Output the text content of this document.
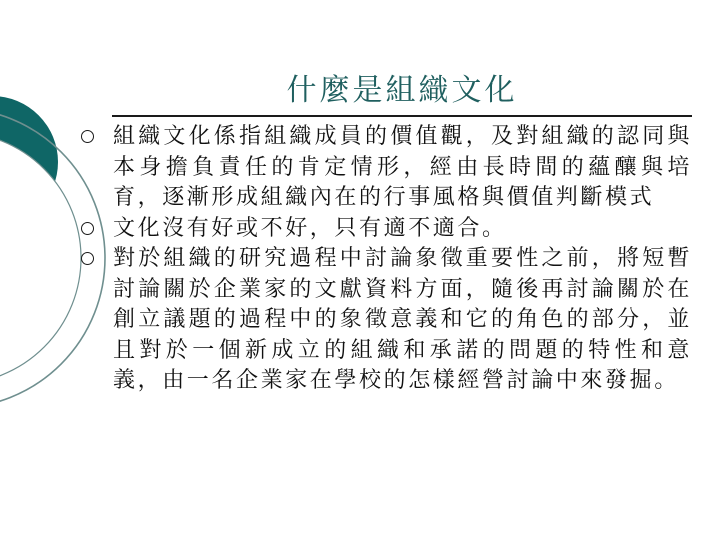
什麼是組織文化
組織文化係指組織成員的價值觀，及對組織的認同與本身擔負責任的肯定情形，經由長時間的蘊釀與培育，逐漸形成組織內在的行事風格與價值判斷模式
文化沒有好或不好，只有適不適合。
對於組織的研究過程中討論象徵重要性之前，將短暫討論關於企業家的文獻資料方面，隨後再討論關於在創立議題的過程中的象徵意義和它的角色的部分，並且對於一個新成立的組織和承諾的問題的特性和意義，由一名企業家在學校的怎樣經營討論中來發掘。
